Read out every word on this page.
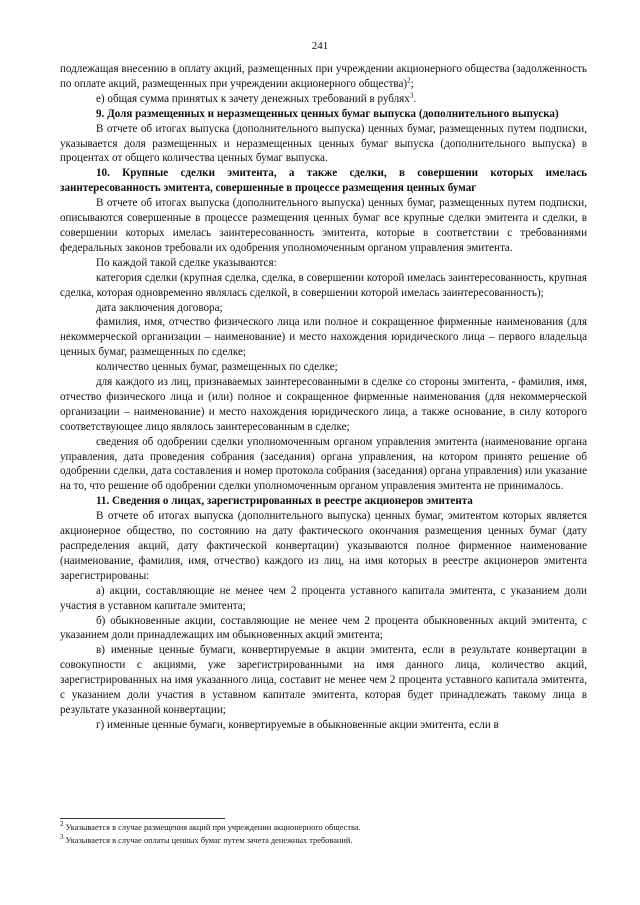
241

подлежащая внесению в оплату акций, размещенных при учреждении акционерного общества (задолженность по оплате акций, размещенных при учреждении акционерного общества)$^2$;

е) общая сумма принятых к зачету денежных требований в рублях$^3$.

9. Доля размещенных и неразмещенных ценных бумаг выпуска (дополнительного выпуска)

В отчете об итогах выпуска (дополнительного выпуска) ценных бумаг, размещенных путем подписки, указывается доля размещенных и неразмещенных ценных бумаг выпуска (дополнительного выпуска) в процентах от общего количества ценных бумаг выпуска.

10. Крупные сделки эмитента, а также сделки, в совершении которых имелась заинтересованность эмитента, совершенные в процессе размещения ценных бумаг

В отчете об итогах выпуска (дополнительного выпуска) ценных бумаг, размещенных путем подписки, описываются совершенные в процессе размещения ценных бумаг все крупные сделки эмитента и сделки, в совершении которых имелась заинтересованность эмитента, которые в соответствии с требованиями федеральных законов требовали их одобрения уполномоченным органом управления эмитента.

По каждой такой сделке указываются:

категория сделки (крупная сделка, сделка, в совершении которой имелась заинтересованность, крупная сделка, которая одновременно являлась сделкой, в совершении которой имелась заинтересованность);

дата заключения договора;

фамилия, имя, отчество физического лица или полное и сокращенное фирменные наименования (для некоммерческой организации – наименование) и место нахождения юридического лица – первого владельца ценных бумаг, размещенных по сделке;

количество ценных бумаг, размещенных по сделке;

для каждого из лиц, признаваемых заинтересованными в сделке со стороны эмитента, - фамилия, имя, отчество физического лица и (или) полное и сокращенное фирменные наименования (для некоммерческой организации – наименование) и место нахождения юридического лица, а также основание, в силу которого соответствующее лицо являлось заинтересованным в сделке;

сведения об одобрении сделки уполномоченным органом управления эмитента (наименование органа управления, дата проведения собрания (заседания) органа управления, на котором принято решение об одобрении сделки, дата составления и номер протокола собрания (заседания) органа управления) или указание на то, что решение об одобрении сделки уполномоченным органом управления эмитента не принималось.

11. Сведения о лицах, зарегистрированных в реестре акционеров эмитента

В отчете об итогах выпуска (дополнительного выпуска) ценных бумаг, эмитентом которых является акционерное общество, по состоянию на дату фактического окончания размещения ценных бумаг (дату распределения акций, дату фактической конвертации) указываются полное фирменное наименование (наименование, фамилия, имя, отчество) каждого из лиц, на имя которых в реестре акционеров эмитента зарегистрированы:

а) акции, составляющие не менее чем 2 процента уставного капитала эмитента, с указанием доли участия в уставном капитале эмитента;

б) обыкновенные акции, составляющие не менее чем 2 процента обыкновенных акций эмитента, с указанием доли принадлежащих им обыкновенных акций эмитента;

в) именные ценные бумаги, конвертируемые в акции эмитента, если в результате конвертации в совокупности с акциями, уже зарегистрированными на имя данного лица, количество акций, зарегистрированных на имя указанного лица, составит не менее чем 2 процента уставного капитала эмитента, с указанием доли участия в уставном капитале эмитента, которая будет принадлежать такому лица в результате указанной конвертации;

г) именные ценные бумаги, конвертируемые в обыкновенные акции эмитента, если в

$^2$ Указывается в случае размещения акций при учреждении акционерного общества.

$^3$ Указывается в случае оплаты ценных бумаг путем зачета денежных требований.
